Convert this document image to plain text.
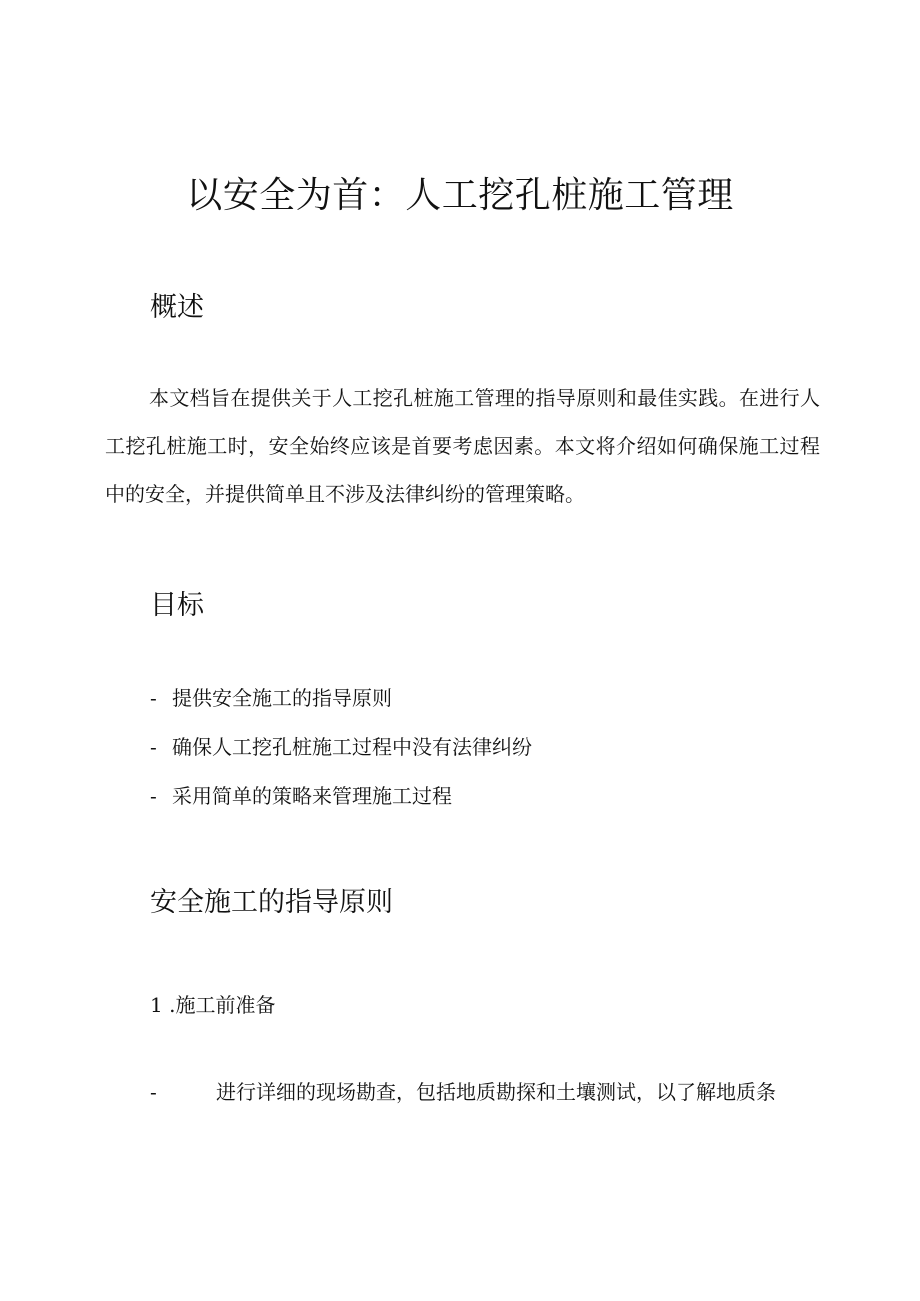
以安全为首：人工挖孔桩施工管理
概述

本文档旨在提供关于人工挖孔桩施工管理的指导原则和最佳实践。在进行人工挖孔桩施工时，安全始终应该是首要考虑因素。本文将介绍如何确保施工过程中的安全，并提供简单且不涉及法律纠纷的管理策略。

目标

- 提供安全施工的指导原则

- 确保人工挖孔桩施工过程中没有法律纠纷

- 采用简单的策略来管理施工过程

安全施工的指导原则

1 .施工前准备

-	进行详细的现场勘查，包括地质勘探和土壤测试，以了解地质条
